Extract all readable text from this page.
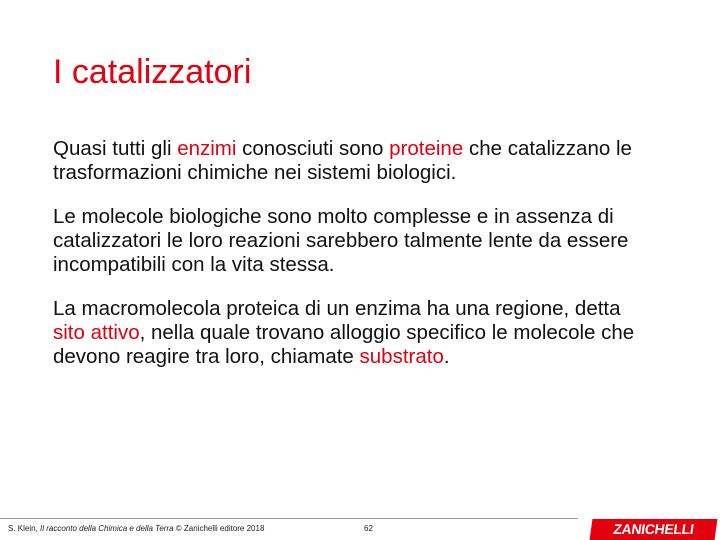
I catalizzatori

Quasi tutti gli enzimi conosciuti sono proteine che catalizzano le trasformazioni chimiche nei sistemi biologici.

Le molecole biologiche sono molto complesse e in assenza di catalizzatori le loro reazioni sarebbero talmente lente da essere incompatibili con la vita stessa.

La macromolecola proteica di un enzima ha una regione, detta sito attivo, nella quale trovano alloggio specifico le molecole che devono reagire tra loro, chiamate substrato.

S. Klein, Il racconto della Chimica e della Terra © Zanichelli editore 2018	62	ZANICHELLI
